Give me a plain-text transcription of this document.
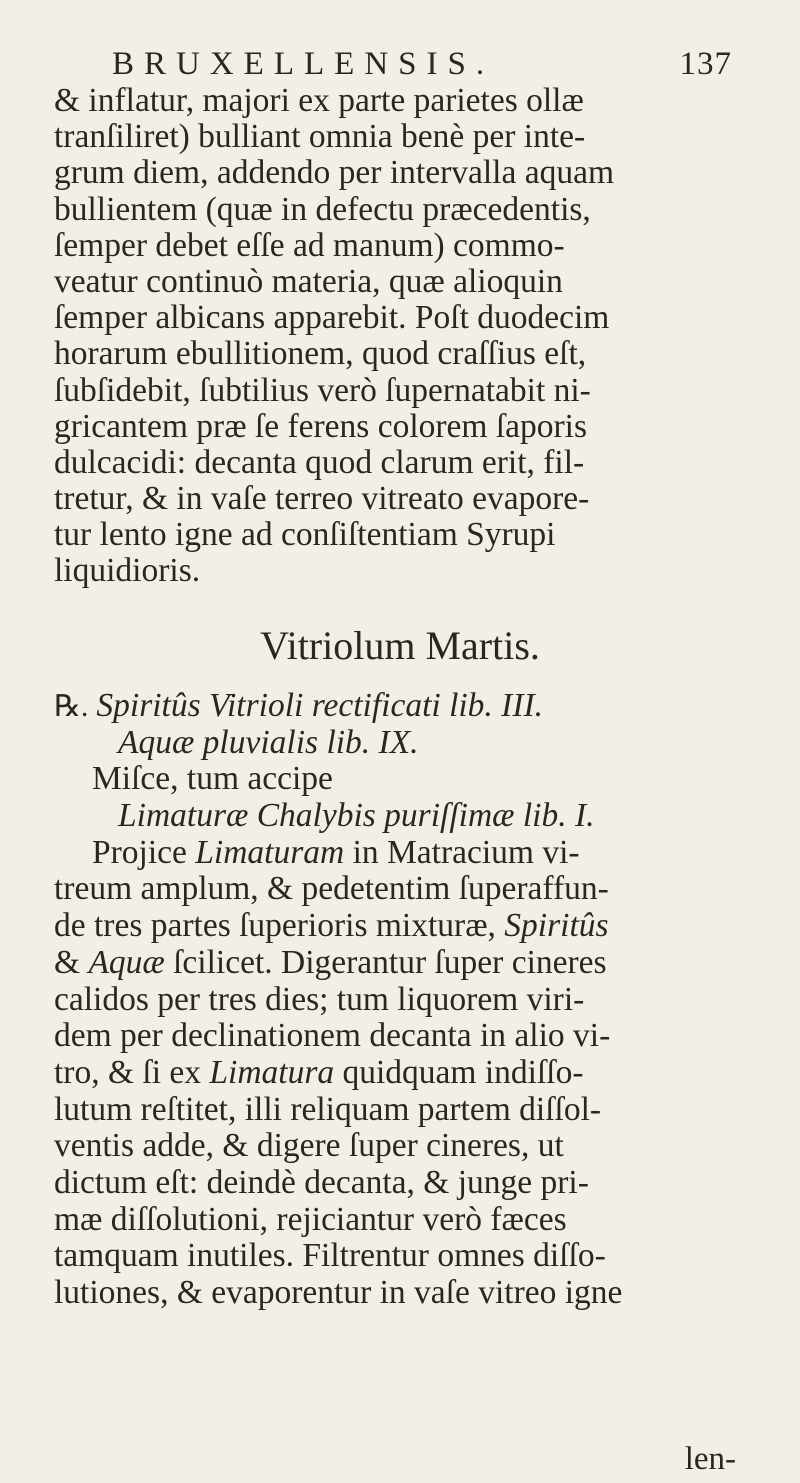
BRUXELLENSIS.	137
& inflatur, majori ex parte parietes ollæ
tranſiliret) bulliant omnia benè per inte-
grum diem, addendo per intervalla aquam
bullientem (quæ in defectu præcedentis,
ſemper debet eſſe ad manum) commo-
veatur continuò materia, quæ alioquin
ſemper albicans apparebit. Poſt duodecim
horarum ebullitionem, quod craſſius eſt,
ſubſidebit, ſubtilius verò ſupernatabit ni-
gricantem præ ſe ferens colorem ſaporis
dulcacidi: decanta quod clarum erit, fil-
tretur, & in vaſe terreo vitreato evapore-
tur lento igne ad conſiſtentiam Syrupi
liquidioris.
Vitriolum Martis.
℞. Spiritûs Vitrioli rectificati lib. III.
Aquæ pluvialis lib. IX.
Miſce, tum accipe
Limaturæ Chalybis puriſſimæ lib. I.
Projice Limaturam in Matracium vi-
treum amplum, & pedetentim ſuperaffun-
de tres partes ſuperioris mixturæ, Spiritûs
& Aquæ ſcilicet. Digerantur ſuper cineres
calidos per tres dies; tum liquorem viri-
dem per declinationem decanta in alio vi-
tro, & ſi ex Limatura quidquam indiſſo-
lutum reſtitet, illi reliquam partem diſſol-
ventis adde, & digere ſuper cineres, ut
dictum eſt: deindè decanta, & junge pri-
mæ diſſolutioni, rejiciantur verò fæces
tamquam inutiles. Filtrentur omnes diſſo-
lutiones, & evaporentur in vaſe vitreo igne
len-
